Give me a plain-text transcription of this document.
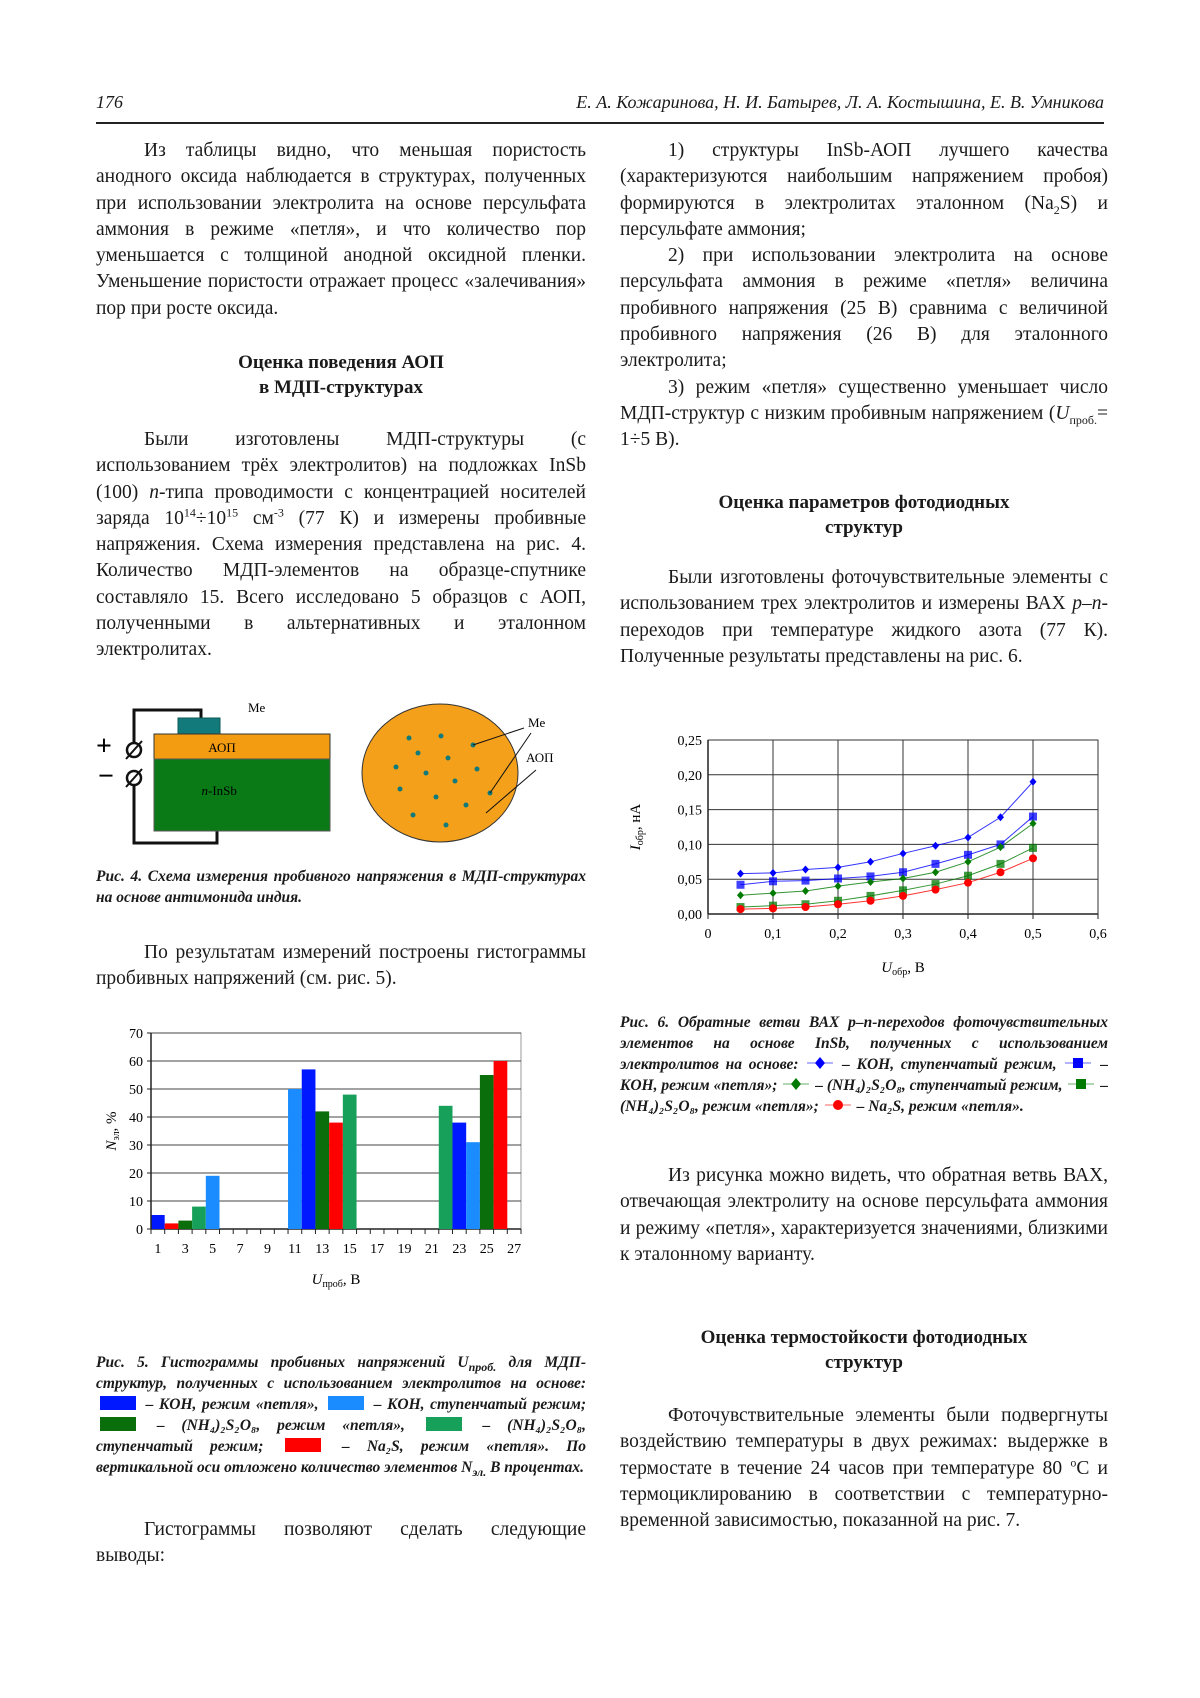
176	Е. А. Кожаринова, Н. И. Батырев, Л. А. Костышина, Е. В. Умникова

Из таблицы видно, что меньшая пористость анодного оксида наблюдается в структурах, полученных при использовании электролита на основе персульфата аммония в режиме «петля», и что количество пор уменьшается с толщиной анодной оксидной пленки. Уменьшение пористости отражает процесс «залечивания» пор при росте оксида.

Оценка поведения АОП
в МДП-структурах

Были изготовлены МДП-структуры (с использованием трёх электролитов) на подложках InSb (100) n-типа проводимости с концентрацией носителей заряда $10^{14}\div 10^{15}$ $см^{-3}$ (77 К) и измерены пробивные напряжения. Схема измерения представлена на рис. 4. Количество МДП-элементов на образце-спутнике составляло 15. Всего исследовано 5 образцов с АОП, полученными в альтернативных и эталонном электролитах.

Me
АОП
n -InSb
+
−
Me
АОП

Рис. 4. Схема измерения пробивного напряжения в МДП-структурах на основе антимонида индия.

По результатам измерений построены гистограммы пробивных напряжений (см. рис. 5).

0
10
20
30
40
50
60
70
1 3 5 7 9 11 13 15 17 19 21 23 25 27
$U_{проб}$, В
$N_{эл}$, %

Рис. 5. Гистограммы пробивных напряжений $U_{проб.}$ для МДП-структур, полученных с использованием электролитов на основе:  – KOH, режим «петля»,	– KOH, ступенчатый режим;  – (NH₄)₂S₂O₈, режим «петля»,	– (NH₄)₂S₂O₈, ступенчатый режим;	– Na₂S, режим «петля». По вертикальной оси отложено количество элементов $N_{эл.}$ В процентах.

Гистограммы позволяют сделать следующие выводы:

1) структуры InSb-АОП лучшего качества (характеризуются наибольшим напряжением пробоя) формируются в электролитах эталонном $(Na_2S)$ и персульфате аммония;

2) при использовании электролита на основе персульфата аммония в режиме «петля» величина пробивного напряжения (25 В) сравнима с величиной пробивного напряжения (26 В) для эталонного электролита;

3) режим «петля» существенно уменьшает число МДП-структур с низким пробивным напряжением ($U_{проб.}= 1\div 5$ В).

Оценка параметров фотодиодных
структур

Были изготовлены фоточувствительные элементы с использованием трех электролитов и измерены ВАХ p–n-переходов при температуре жидкого азота (77 К). Полученные результаты представлены на рис. 6.

0,00
0,05
0,10
0,15
0,20
0,25
0	0,1	0,2	0,3	0,4	0,5	0,6
$U_{обр}$, В
$I_{обр}$, нА

Рис. 6. Обратные ветви ВАХ p–n-переходов фоточувствительных элементов на основе InSb, полученных с использованием электролитов на основе:  – KOH, ступенчатый режим,  – KOH, режим «петля»;  – (NH₄)₂S₂O₈, ступенчатый режим,  – (NH₄)₂S₂O₈, режим «петля»;  – Na₂S, режим «петля».

Из рисунка можно видеть, что обратная ветвь ВАХ, отвечающая электролиту на основе персульфата аммония и режиму «петля», характеризуется значениями, близкими к эталонному варианту.

Оценка термостойкости фотодиодных
структур

Фоточувствительные элементы были подвергнуты воздействию температуры в двух режимах: выдержке в термостате в течение 24 часов при температуре 80 $^o$С и термоциклированию в соответствии с температурно-временной зависимостью, показанной на рис. 7.
